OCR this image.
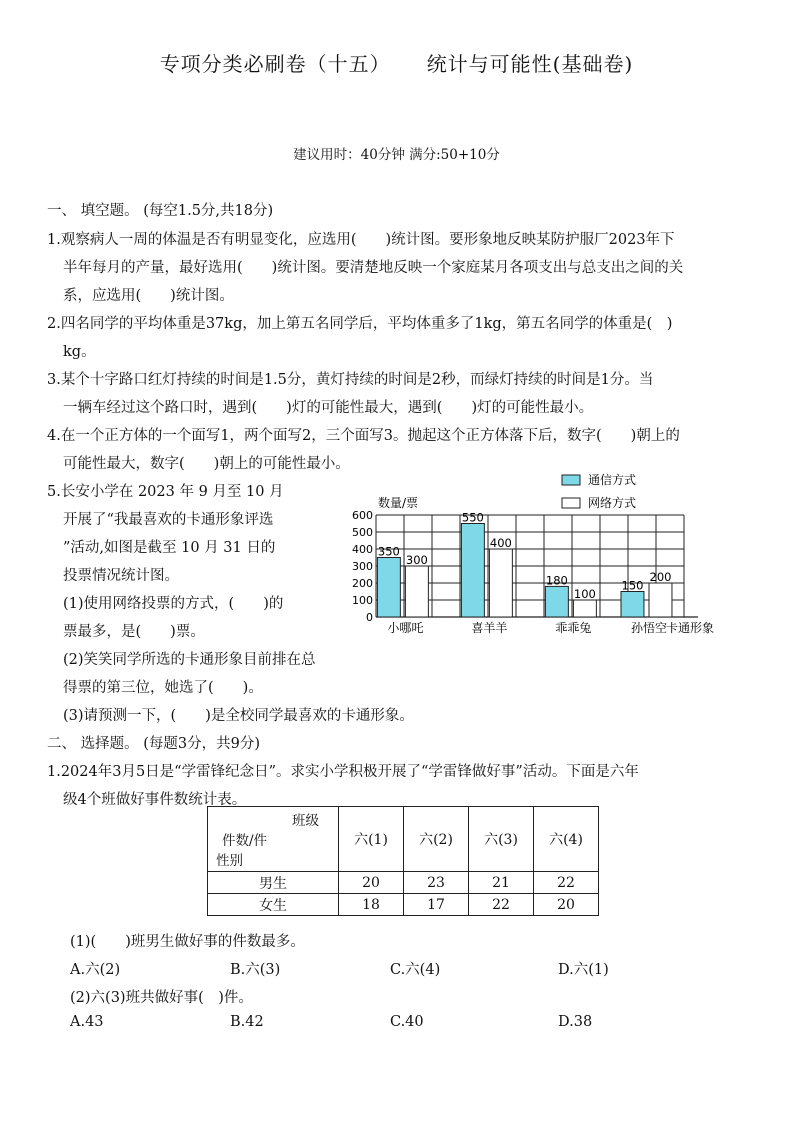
专项分类必刷卷（十五） 统计与可能性(基础卷)
建议用时：40分钟 满分:50+10分
一、 填空题。 (每空1.5分,共18分)
1.观察病人一周的体温是否有明显变化，应选用(　　)统计图。要形象地反映某防护服厂2023年下
半年每月的产量，最好选用(　　)统计图。要清楚地反映一个家庭某月各项支出与总支出之间的关
系，应选用(　　)统计图。
2.四名同学的平均体重是37kg，加上第五名同学后，平均体重多了1kg，第五名同学的体重是(　)
kg。
3.某个十字路口红灯持续的时间是1.5分，黄灯持续的时间是2秒，而绿灯持续的时间是1分。当
一辆车经过这个路口时，遇到(　　)灯的可能性最大，遇到(　　)灯的可能性最小。
4.在一个正方体的一个面写1，两个面写2，三个面写3。抛起这个正方体落下后，数字(　　)朝上的
可能性最大，数字(　　)朝上的可能性最小。
5.长安小学在 2023 年 9 月至 10 月
开展了“我最喜欢的卡通形象评选
”活动,如图是截至 10 月 31 日的
投票情况统计图。
(1)使用网络投票的方式，(　　)的
票最多，是(　　)票。
(2)笑笑同学所选的卡通形象目前排在总
得票的第三位，她选了(　　)。
(3)请预测一下，(　　)是全校同学最喜欢的卡通形象。
600
500
400
300
200
100
0
350
300
小哪吒
550
400
喜羊羊
180
100
乖乖兔
150
200
孙悟空
数量/票
卡通形象
通信方式
网络方式
二、 选择题。 (每题3分，共9分)
1.2024年3月5日是“学雷锋纪念日”。求实小学积极开展了“学雷锋做好事”活动。下面是六年
级4个班做好事件数统计表。
班级
件数/件
性别	六(1)	六(2)	六(3)	六(4)
男生	20	23	21	22
女生	18	17	22	20
(1)(　　)班男生做好事的件数最多。
A.六(2)	B.六(3)	C.六(4)	D.六(1)
(2)六(3)班共做好事(　)件。
A.43	B.42	C.40	D.38
